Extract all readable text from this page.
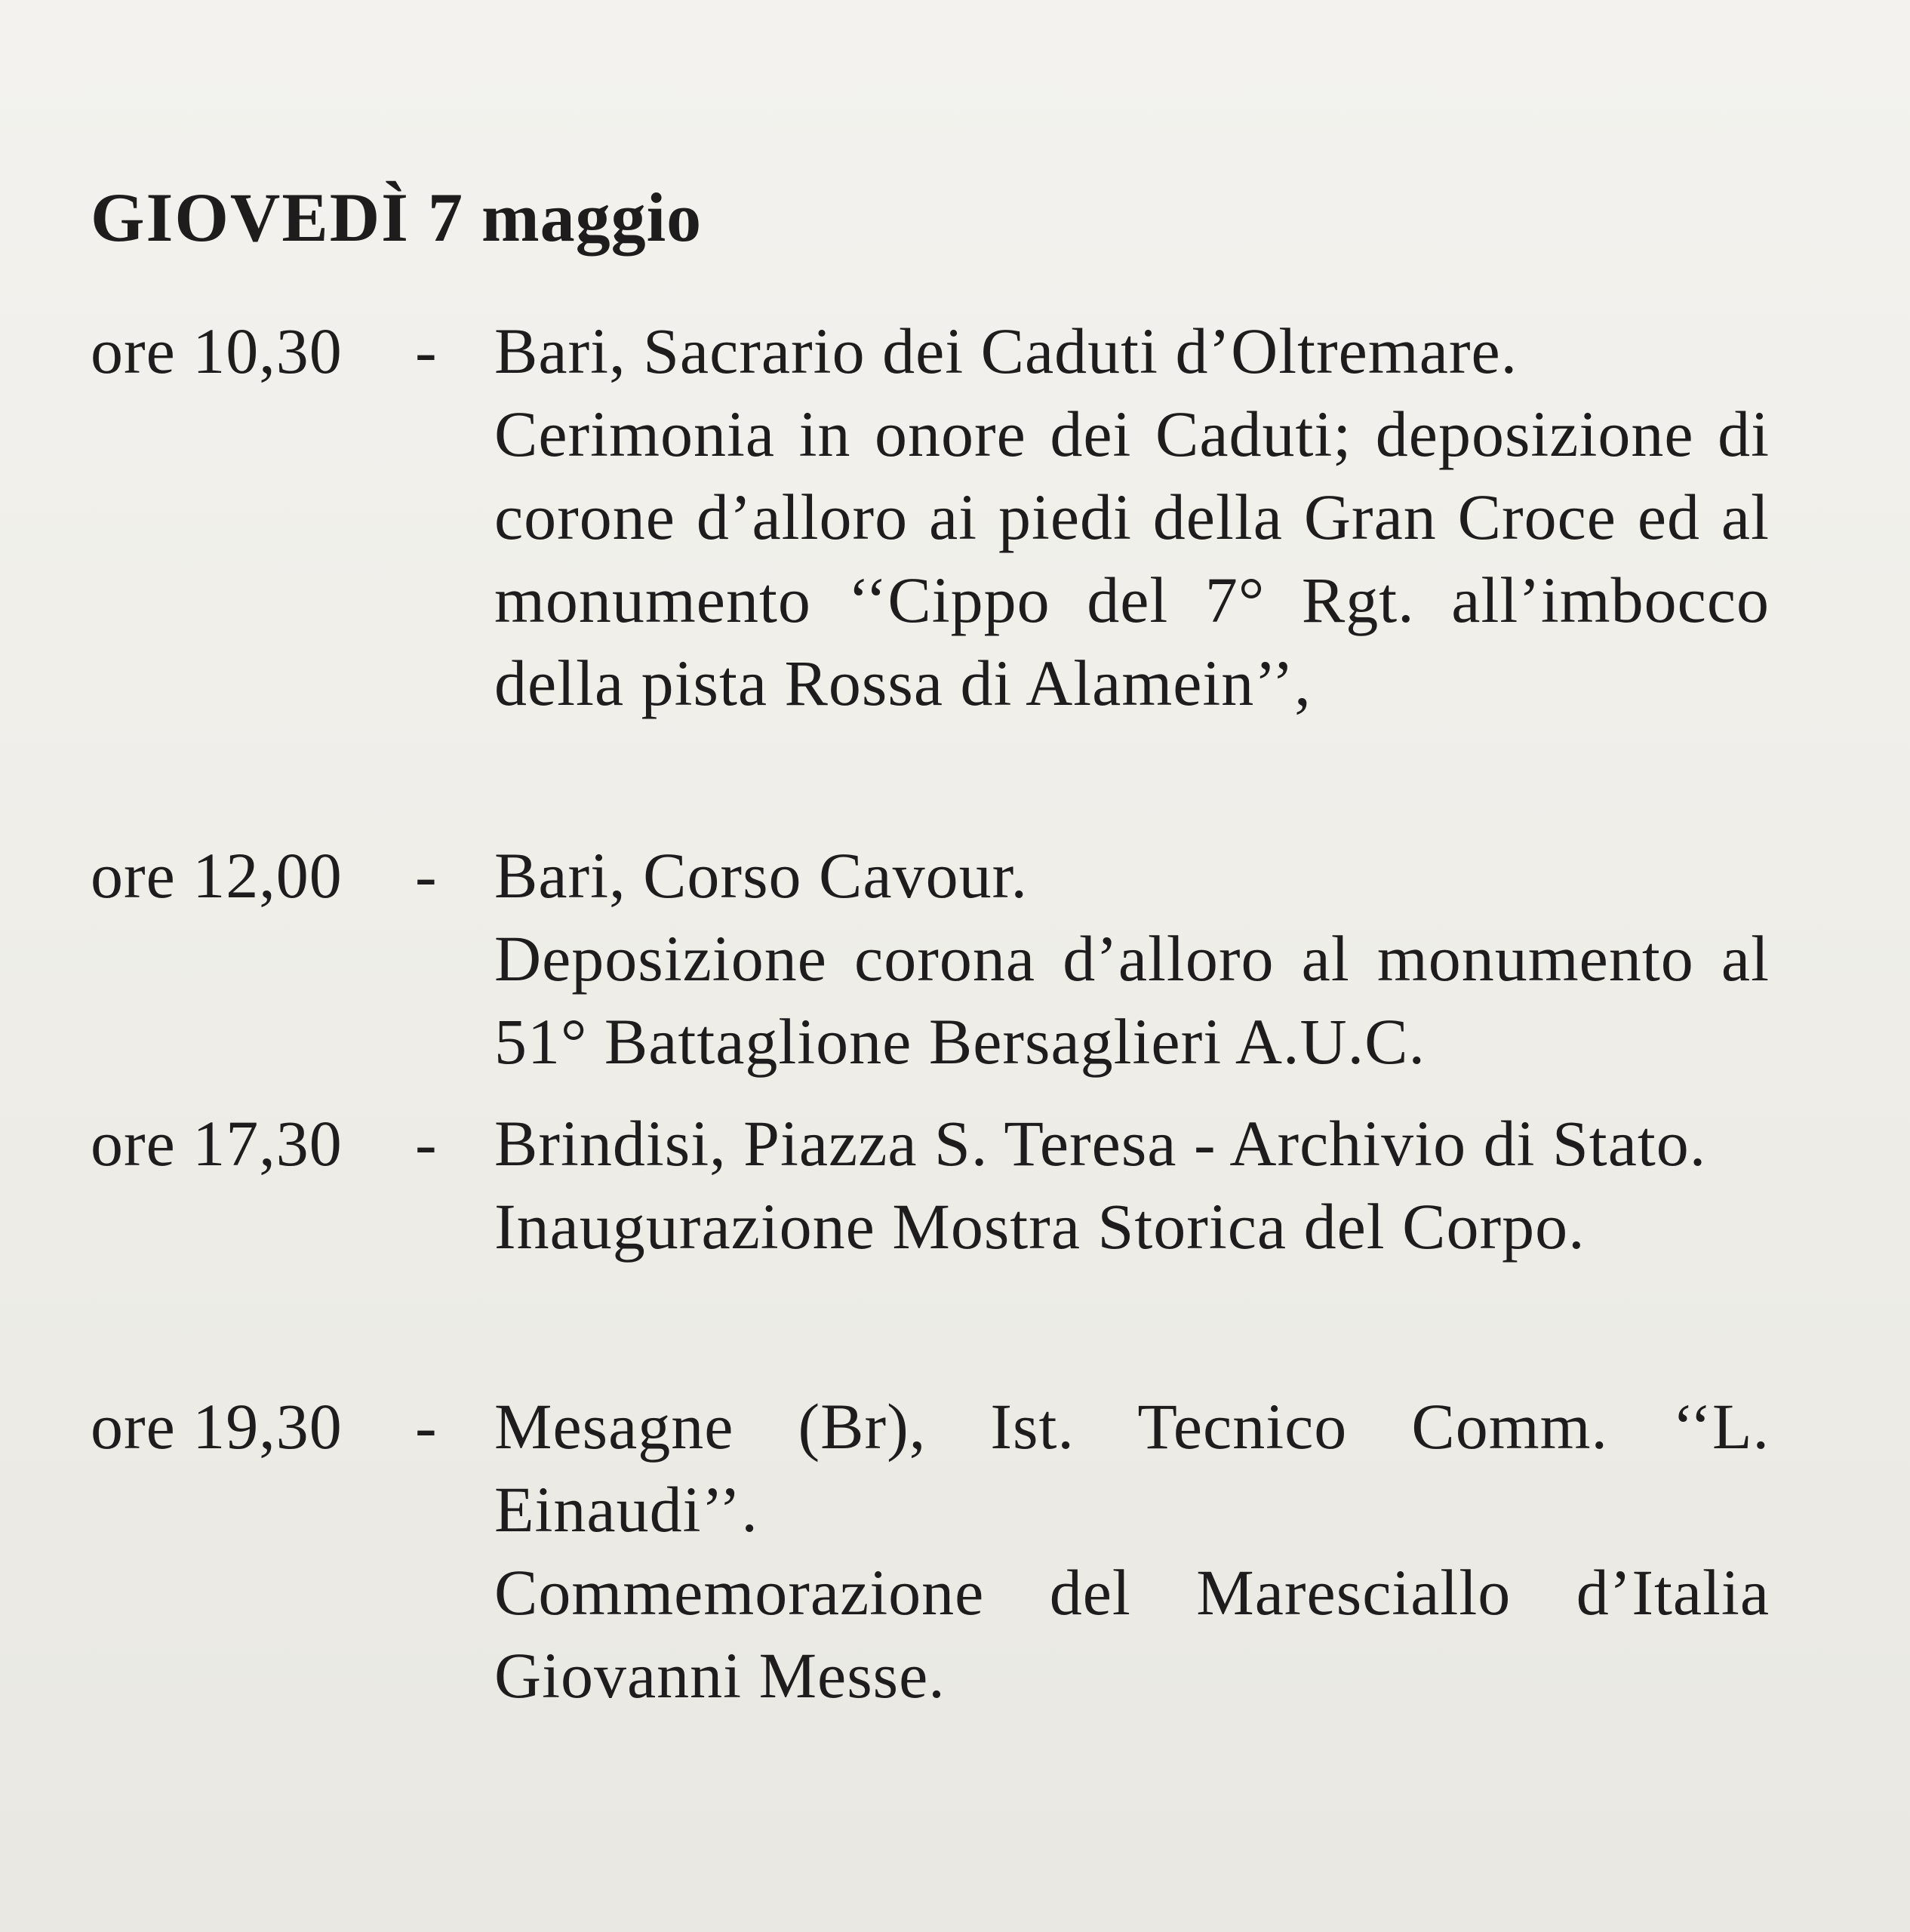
GIOVEDÌ 7 maggio
ore 10,30 - Bari, Sacrario dei Caduti d’Oltremare.

Cerimonia in onore dei Caduti; deposizione di corone d’alloro ai piedi della Gran Croce ed al monumento ‘‘Cippo del 7° Rgt. all’imbocco della pista Rossa di Alamein’’,

ore 12,00 - Bari, Corso Cavour.

Deposizione corona d’alloro al monumento al 51° Battaglione Bersaglieri A.U.C.

ore 17,30 - Brindisi, Piazza S. Teresa - Archivio di Stato.

Inaugurazione Mostra Storica del Corpo.

ore 19,30 - Mesagne (Br), Ist. Tecnico Comm. ‘‘L. Einaudi’’.

Commemorazione del Maresciallo d’Italia Giovanni Messe.
